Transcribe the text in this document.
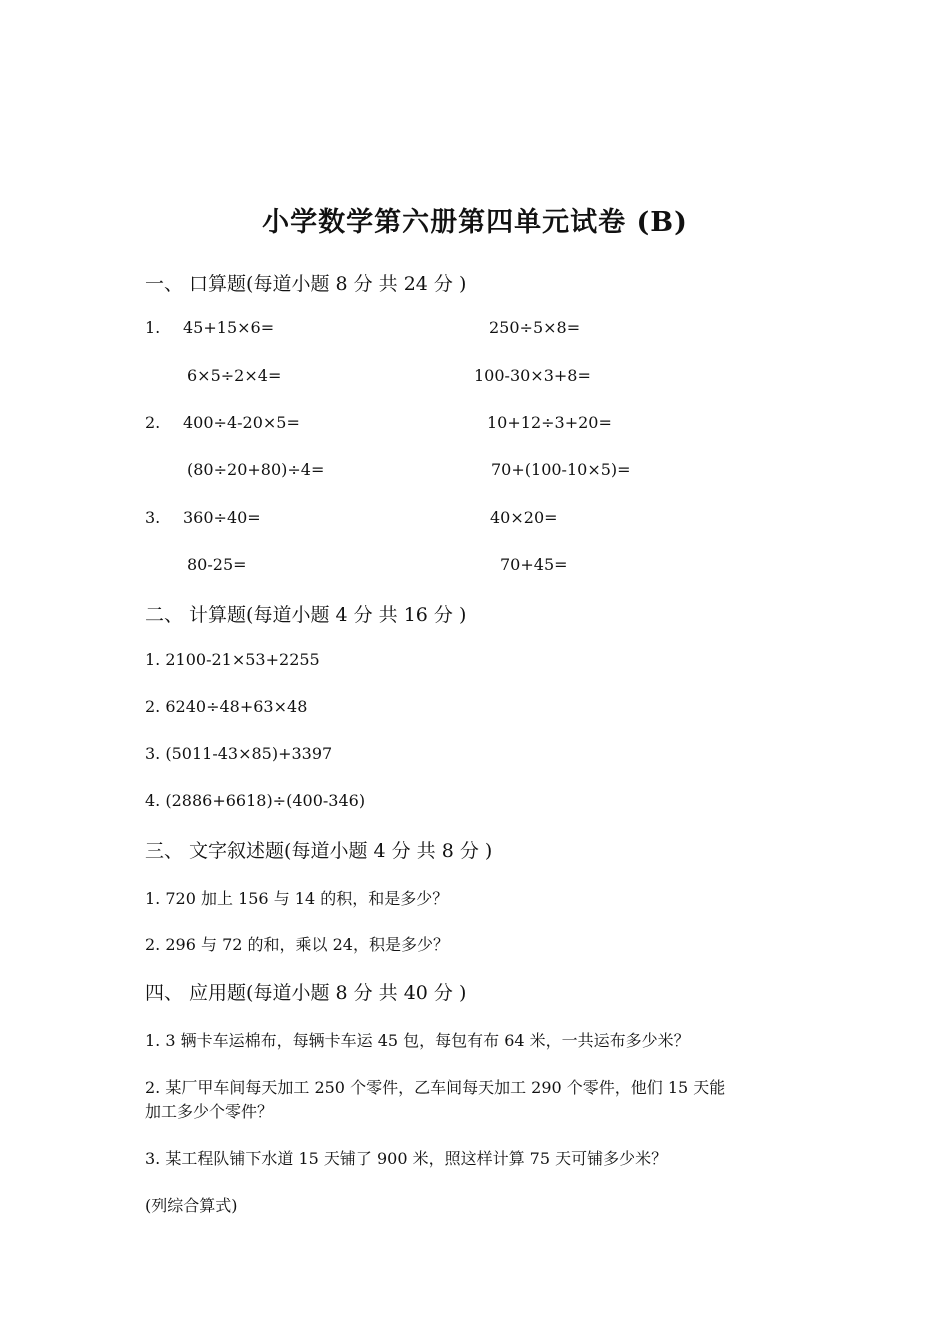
小学数学第六册第四单元试卷 (B)
一、 口算题(每道小题 8 分 共 24 分 )
1. 45+15×6=	250÷5×8=
6×5÷2×4=	100-30×3+8=
2. 400÷4-20×5=	10+12÷3+20=
(80÷20+80)÷4=	70+(100-10×5)=
3. 360÷40=	40×20=
80-25=	70+45=
二、 计算题(每道小题 4 分 共 16 分 )
1. 2100-21×53+2255
2. 6240÷48+63×48
3. (5011-43×85)+3397
4. (2886+6618)÷(400-346)
三、 文字叙述题(每道小题 4 分 共 8 分 )
1. 720 加上 156 与 14 的积，和是多少？
2. 296 与 72 的和，乘以 24，积是多少？
四、 应用题(每道小题 8 分 共 40 分 )
1. 3 辆卡车运棉布，每辆卡车运 45 包，每包有布 64 米，一共运布多少米？
2. 某厂甲车间每天加工 250 个零件，乙车间每天加工 290 个零件，他们 15 天能
加工多少个零件？
3. 某工程队铺下水道 15 天铺了 900 米，照这样计算 75 天可铺多少米？
(列综合算式)
